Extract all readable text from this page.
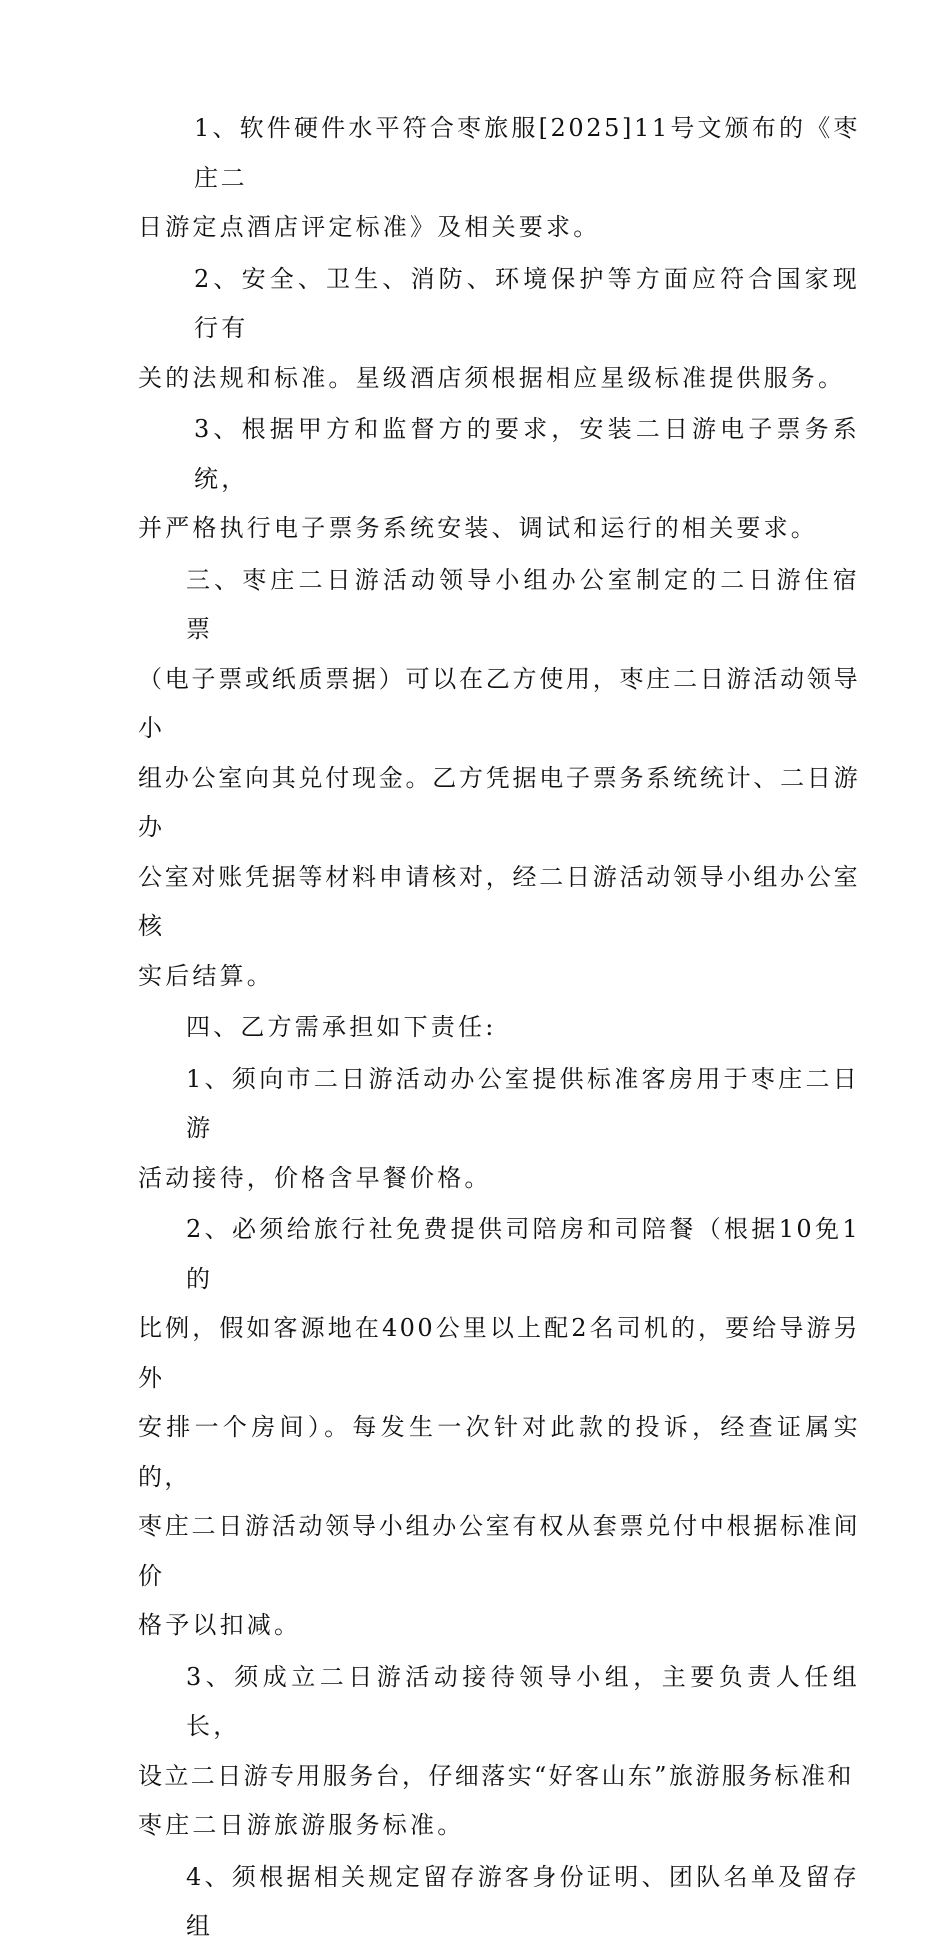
1、软件硬件水平符合枣旅服[2025]11号文颁布的《枣庄二
日游定点酒店评定标准》及相关要求。
2、安全、卫生、消防、环境保护等方面应符合国家现行有
关的法规和标准。星级酒店须根据相应星级标准提供服务。
3、根据甲方和监督方的要求，安装二日游电子票务系统，
并严格执行电子票务系统安装、调试和运行的相关要求。
三、枣庄二日游活动领导小组办公室制定的二日游住宿票
（电子票或纸质票据）可以在乙方使用，枣庄二日游活动领导小
组办公室向其兑付现金。乙方凭据电子票务系统统计、二日游办
公室对账凭据等材料申请核对，经二日游活动领导小组办公室核
实后结算。
四、乙方需承担如下责任:
1、须向市二日游活动办公室提供标准客房用于枣庄二日游
活动接待，价格含早餐价格。
2、必须给旅行社免费提供司陪房和司陪餐（根据10免1的
比例，假如客源地在400公里以上配2名司机的，要给导游另外
安排一个房间）。每发生一次针对此款的投诉，经查证属实的，
枣庄二日游活动领导小组办公室有权从套票兑付中根据标准间价
格予以扣减。
3、须成立二日游活动接待领导小组，主要负责人任组长，
设立二日游专用服务台，仔细落实“好客山东”旅游服务标准和
枣庄二日游旅游服务标准。
4、须根据相关规定留存游客身份证明、团队名单及留存组
